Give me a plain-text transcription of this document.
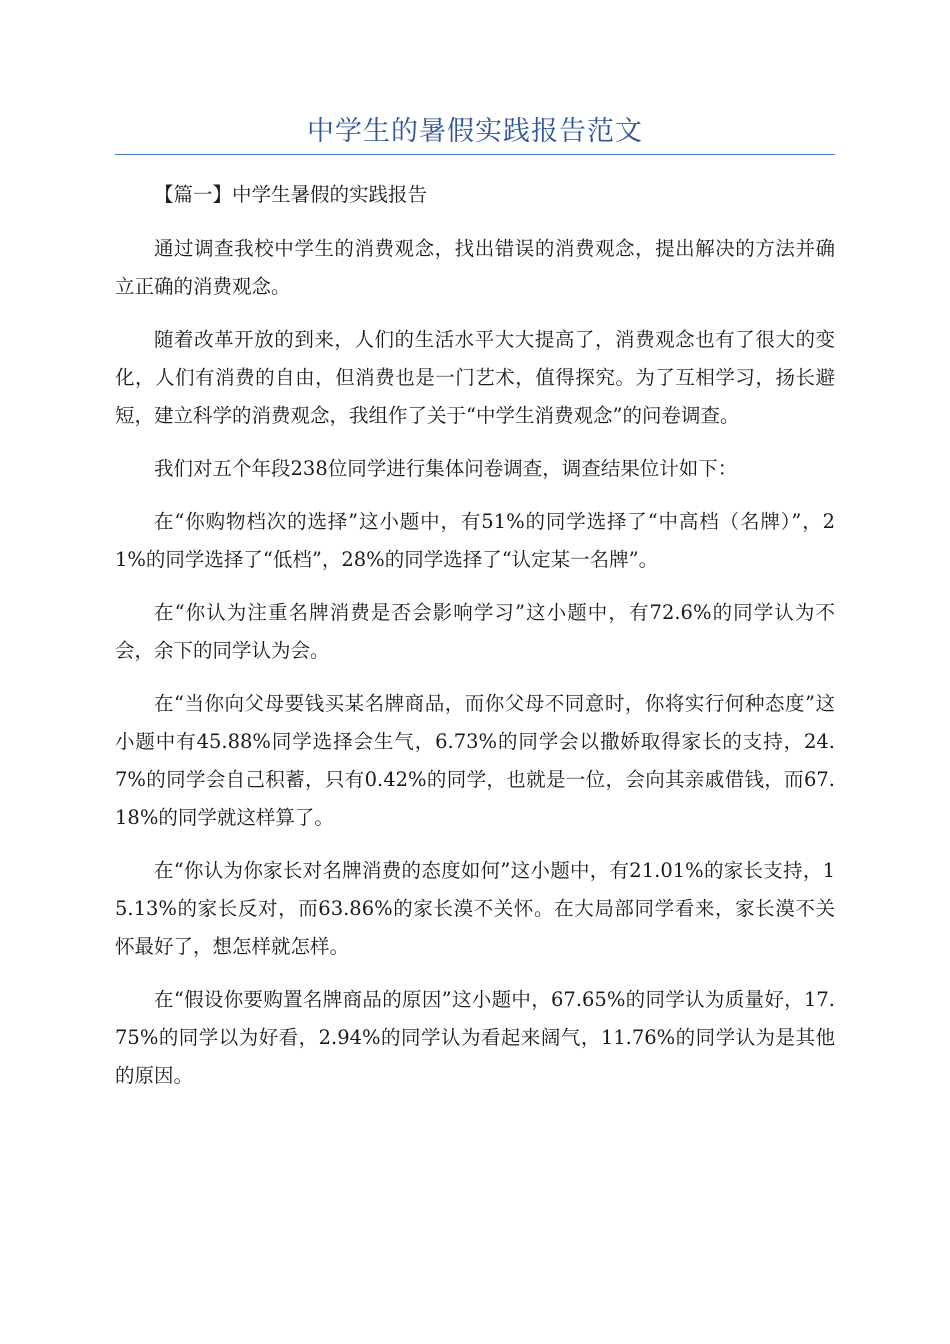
中学生的暑假实践报告范文

【篇一】中学生暑假的实践报告

通过调查我校中学生的消费观念，找出错误的消费观念，提出解决的方法并确立正确的消费观念。

随着改革开放的到来，人们的生活水平大大提高了，消费观念也有了很大的变化，人们有消费的自由，但消费也是一门艺术，值得探究。为了互相学习，扬长避短，建立科学的消费观念，我组作了关于“中学生消费观念”的问卷调查。

我们对五个年段238位同学进行集体问卷调查，调查结果位计如下：

在“你购物档次的选择”这小题中，有51%的同学选择了“中高档（名牌）”，21%的同学选择了“低档”，28%的同学选择了“认定某一名牌”。

在“你认为注重名牌消费是否会影响学习”这小题中，有72.6%的同学认为不会，余下的同学认为会。

在“当你向父母要钱买某名牌商品，而你父母不同意时，你将实行何种态度”这小题中有45.88%同学选择会生气，6.73%的同学会以撒娇取得家长的支持，24.7%的同学会自己积蓄，只有0.42%的同学，也就是一位，会向其亲戚借钱，而67.18%的同学就这样算了。

在“你认为你家长对名牌消费的态度如何”这小题中，有21.01%的家长支持，15.13%的家长反对，而63.86%的家长漠不关怀。在大局部同学看来，家长漠不关怀最好了，想怎样就怎样。

在“假设你要购置名牌商品的原因”这小题中，67.65%的同学认为质量好，17.75%的同学以为好看，2.94%的同学认为看起来阔气，11.76%的同学认为是其他的原因。
